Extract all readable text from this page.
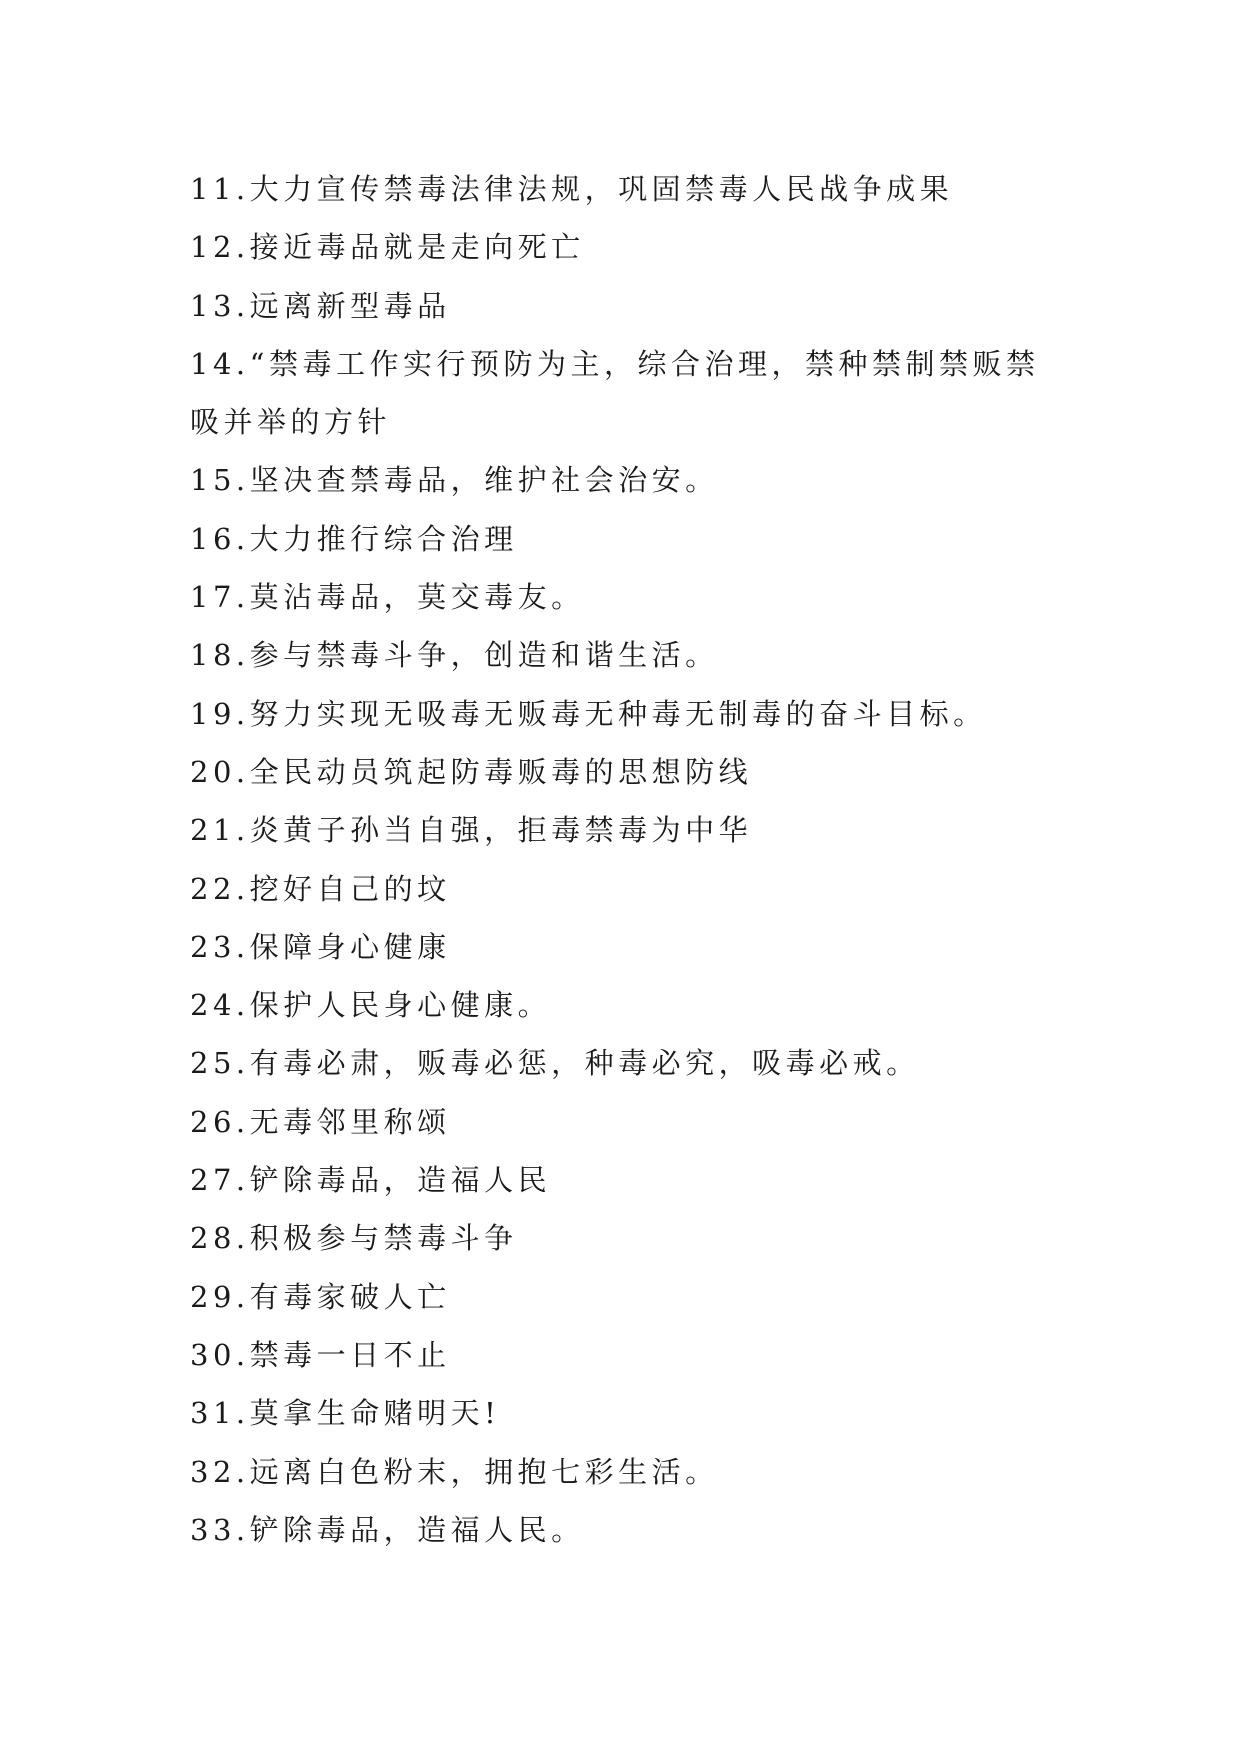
11.大力宣传禁毒法律法规，巩固禁毒人民战争成果
12.接近毒品就是走向死亡
13.远离新型毒品
14.“禁毒工作实行预防为主，综合治理，禁种禁制禁贩禁吸并举的方针
15.坚决查禁毒品，维护社会治安。
16.大力推行综合治理
17.莫沾毒品，莫交毒友。
18.参与禁毒斗争，创造和谐生活。
19.努力实现无吸毒无贩毒无种毒无制毒的奋斗目标。
20.全民动员筑起防毒贩毒的思想防线
21.炎黄子孙当自强，拒毒禁毒为中华
22.挖好自己的坟
23.保障身心健康
24.保护人民身心健康。
25.有毒必肃，贩毒必惩，种毒必究，吸毒必戒。
26.无毒邻里称颂
27.铲除毒品，造福人民
28.积极参与禁毒斗争
29.有毒家破人亡
30.禁毒一日不止
31.莫拿生命赌明天!
32.远离白色粉末，拥抱七彩生活。
33.铲除毒品，造福人民。
